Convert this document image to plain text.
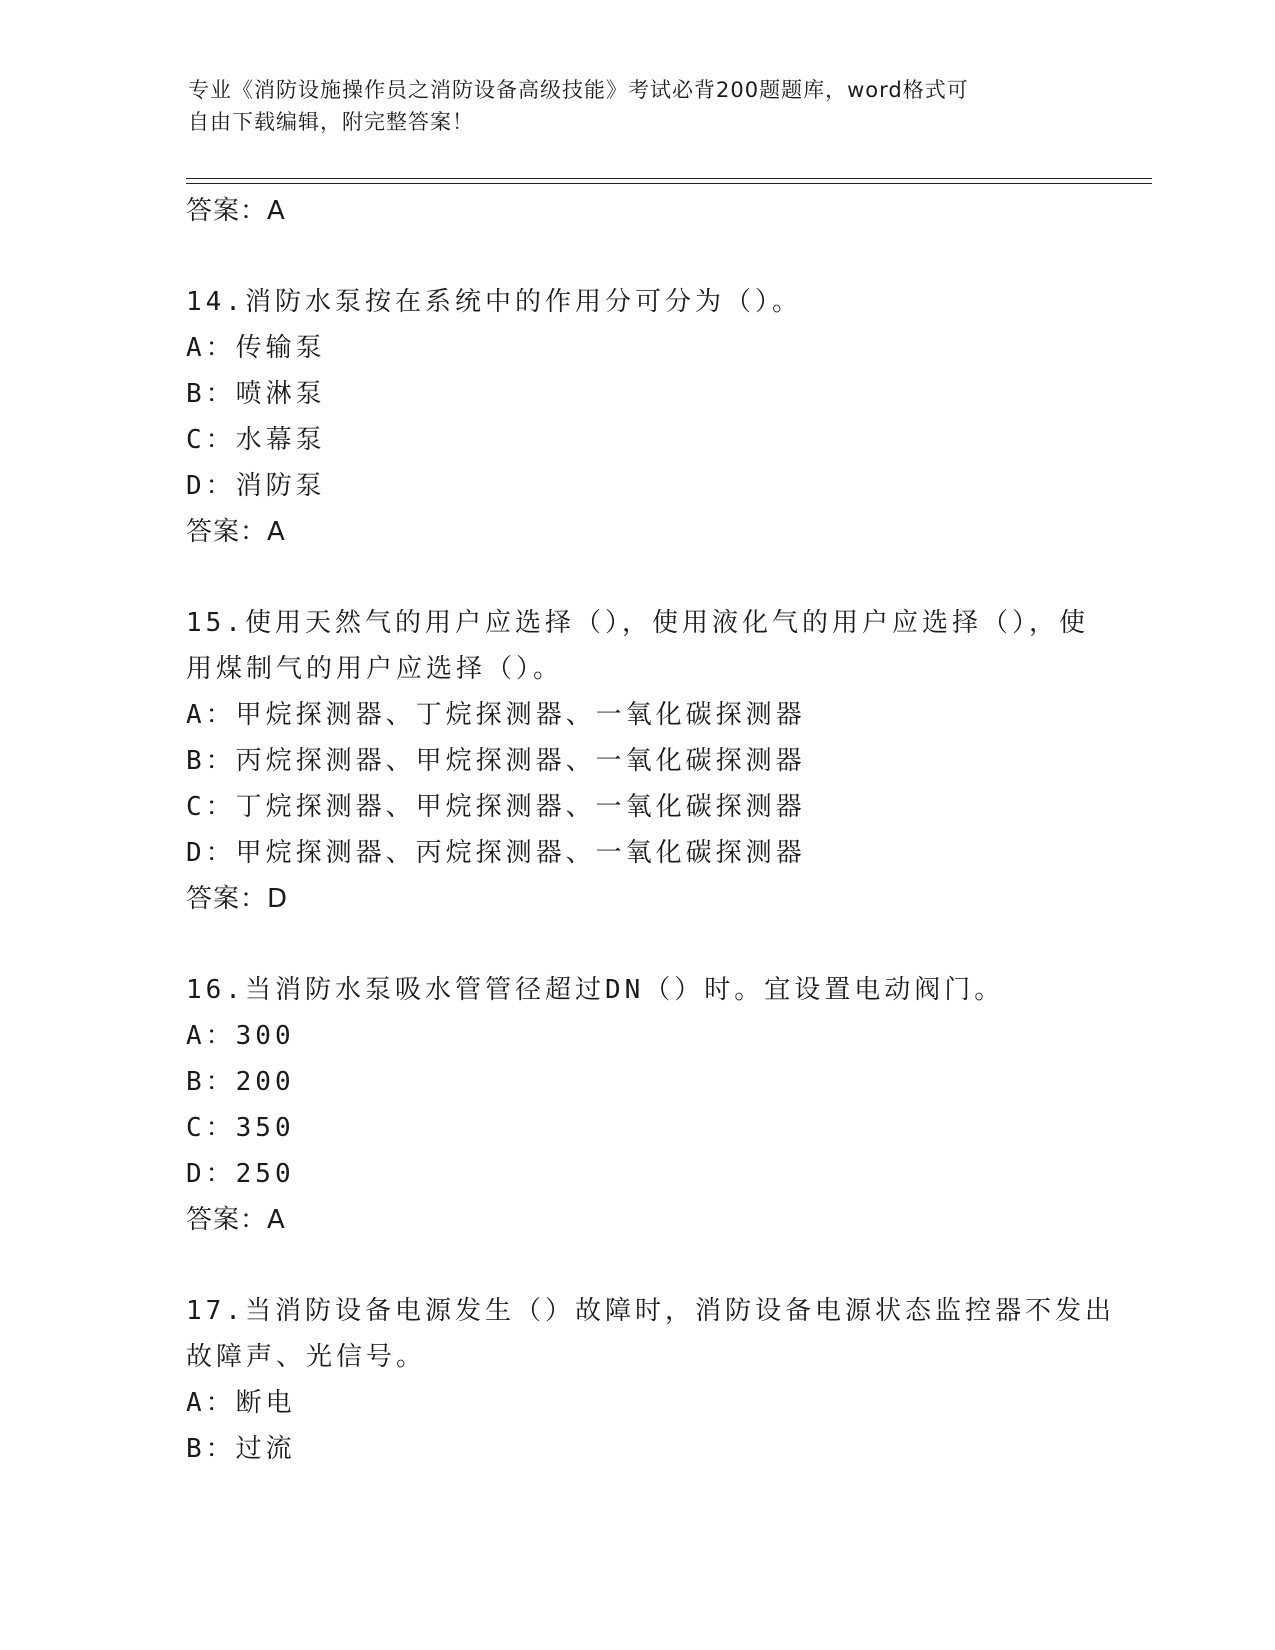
专业《消防设施操作员之消防设备高级技能》考试必背200题题库，word格式可

自由下载编辑，附完整答案！

答案：A
14.消防水泵按在系统中的作用分可分为（）。
A：传输泵
B：喷淋泵
C：水幕泵
D：消防泵
答案：A
15.使用天然气的用户应选择（），使用液化气的用户应选择（），使
用煤制气的用户应选择（）。
A：甲烷探测器、丁烷探测器、一氧化碳探测器
B：丙烷探测器、甲烷探测器、一氧化碳探测器
C：丁烷探测器、甲烷探测器、一氧化碳探测器
D：甲烷探测器、丙烷探测器、一氧化碳探测器
答案：D
16.当消防水泵吸水管管径超过DN（）时。宜设置电动阀门。
A：300
B：200
C：350
D：250
答案：A
17.当消防设备电源发生（）故障时，消防设备电源状态监控器不发出
故障声、光信号。
A：断电
B：过流
